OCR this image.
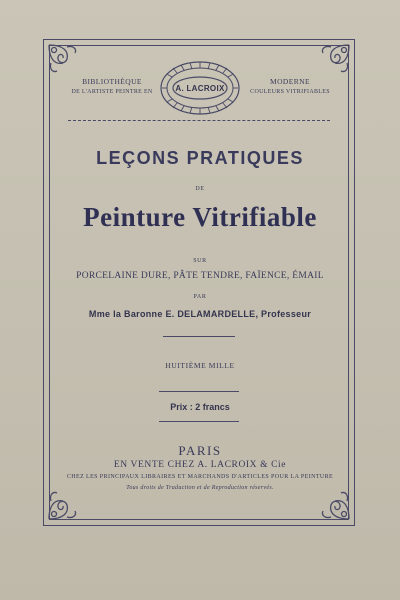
BIBLIOTHÈQUE
DE L'ARTISTE PEINTRE EN	A. LACROIX
MODERNE
COULEURS VITRIFIABLES
LEÇONS PRATIQUES
DE
Peinture Vitrifiable
SUR
PORCELAINE DURE, PÂTE TENDRE, FAÏENCE, ÉMAIL
PAR
Mme la Baronne E. DELAMARDELLE, Professeur
HUITIÈME MILLE
Prix : 2 francs
PARIS
EN VENTE CHEZ A. LACROIX & Cie
CHEZ LES PRINCIPAUX LIBRAIRES ET MARCHANDS D'ARTICLES POUR LA PEINTURE
Tous droits de Traduction et de Reproduction réservés.
